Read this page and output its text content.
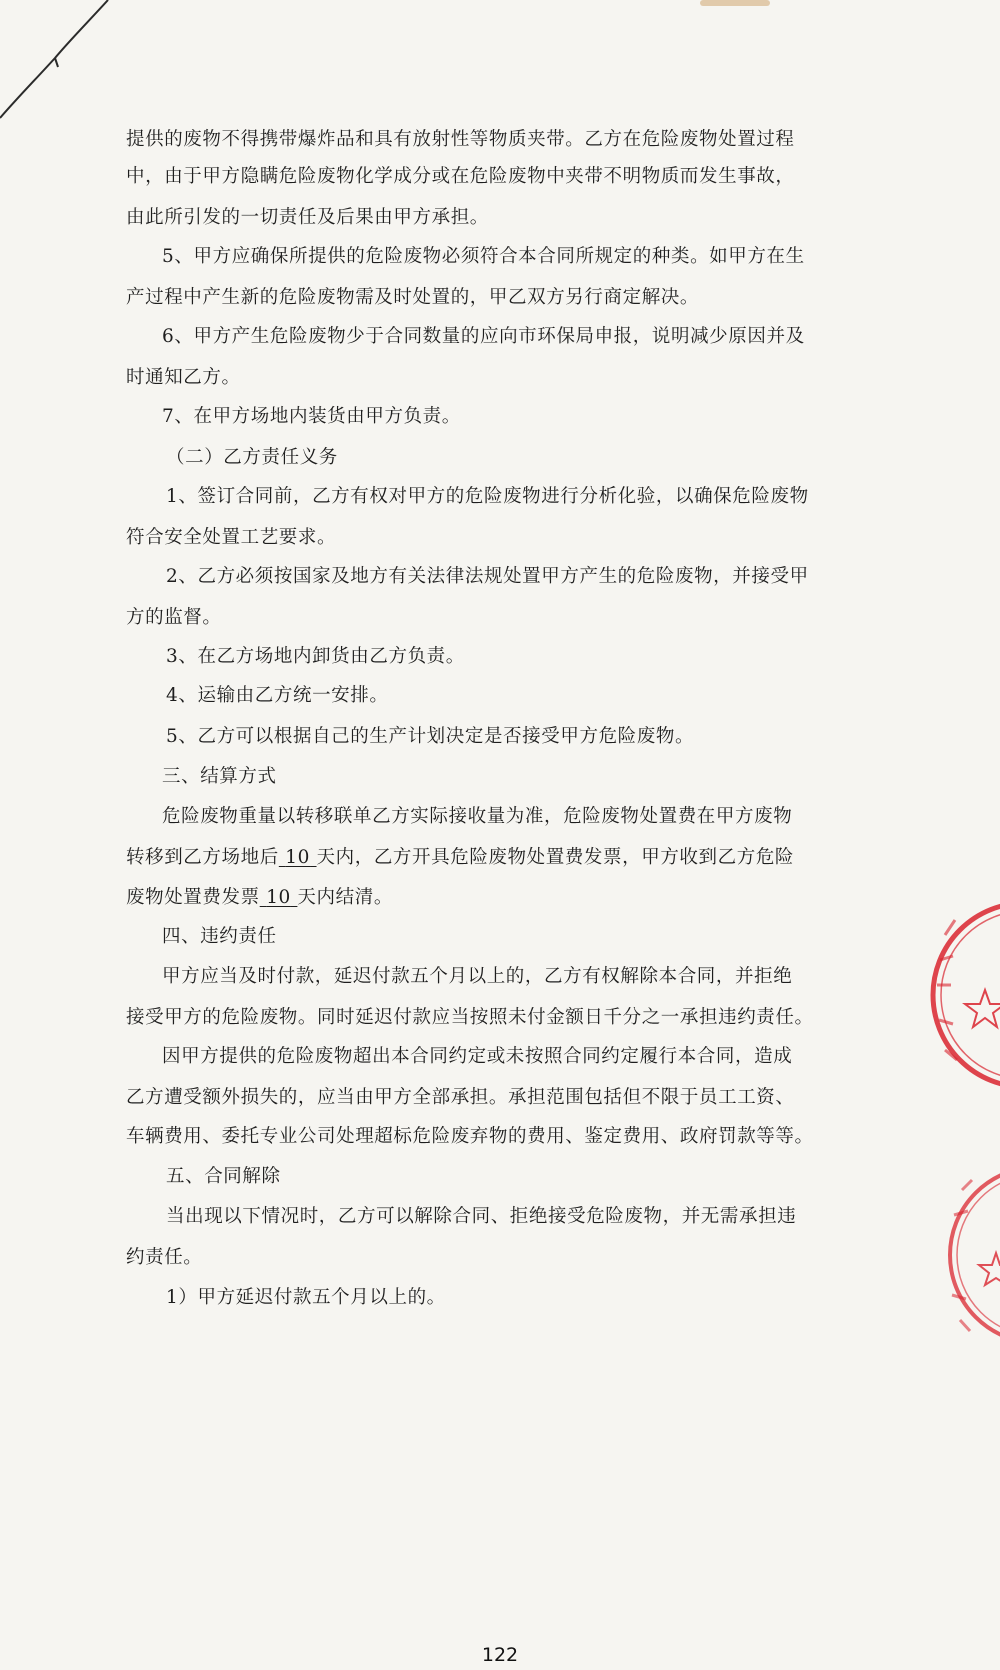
提供的废物不得携带爆炸品和具有放射性等物质夹带。乙方在危险废物处置过程
中，由于甲方隐瞒危险废物化学成分或在危险废物中夹带不明物质而发生事故，
由此所引发的一切责任及后果由甲方承担。
5、甲方应确保所提供的危险废物必须符合本合同所规定的种类。如甲方在生
产过程中产生新的危险废物需及时处置的，甲乙双方另行商定解决。
6、甲方产生危险废物少于合同数量的应向市环保局申报，说明减少原因并及
时通知乙方。
7、在甲方场地内装货由甲方负责。
（二）乙方责任义务
1、签订合同前，乙方有权对甲方的危险废物进行分析化验，以确保危险废物
符合安全处置工艺要求。
2、乙方必须按国家及地方有关法律法规处置甲方产生的危险废物，并接受甲
方的监督。
3、在乙方场地内卸货由乙方负责。
4、运输由乙方统一安排。
5、乙方可以根据自己的生产计划决定是否接受甲方危险废物。
三、结算方式
危险废物重量以转移联单乙方实际接收量为准，危险废物处置费在甲方废物
转移到乙方场地后 10 天内，乙方开具危险废物处置费发票，甲方收到乙方危险
废物处置费发票 10 天内结清。
四、违约责任
甲方应当及时付款，延迟付款五个月以上的，乙方有权解除本合同，并拒绝
接受甲方的危险废物。同时延迟付款应当按照未付金额日千分之一承担违约责任。
因甲方提供的危险废物超出本合同约定或未按照合同约定履行本合同，造成
乙方遭受额外损失的，应当由甲方全部承担。承担范围包括但不限于员工工资、
车辆费用、委托专业公司处理超标危险废弃物的费用、鉴定费用、政府罚款等等。
五、合同解除
当出现以下情况时，乙方可以解除合同、拒绝接受危险废物，并无需承担违
约责任。
1）甲方延迟付款五个月以上的。
122
